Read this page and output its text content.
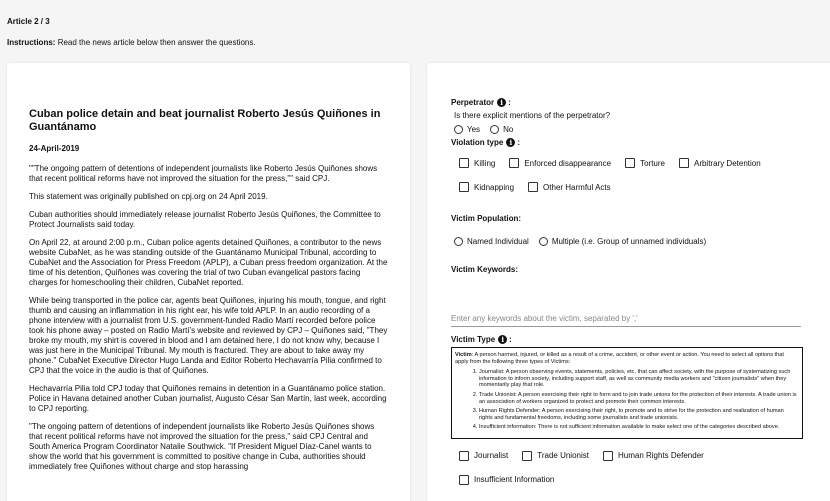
Article 2 / 3
Instructions: Read the news article below then answer the questions.
Cuban police detain and beat journalist Roberto Jesús Quiñones in Guantánamo
24-April-2019

""The ongoing pattern of detentions of independent journalists like Roberto Jesús Quiñones shows that recent political reforms have not improved the situation for the press,"" said CPJ.

This statement was originally published on cpj.org on 24 April 2019.

Cuban authorities should immediately release journalist Roberto Jesús Quiñones, the Committee to Protect Journalists said today.

On April 22, at around 2:00 p.m., Cuban police agents detained Quiñones, a contributor to the news website CubaNet, as he was standing outside of the Guantánamo Municipal Tribunal, according to CubaNet and the Association for Press Freedom (APLP), a Cuban press freedom organization. At the time of his detention, Quiñones was covering the trial of two Cuban evangelical pastors facing charges for homeschooling their children, CubaNet reported.

While being transported in the police car, agents beat Quiñones, injuring his mouth, tongue, and right thumb and causing an inflammation in his right ear, his wife told APLP. In an audio recording of a phone interview with a journalist from U.S. government-funded Radio Martí recorded before police took his phone away – posted on Radio Martí's website and reviewed by CPJ – Quiñones said, "They broke my mouth, my shirt is covered in blood and I am detained here, I do not know why, because I was just here in the Municipal Tribunal. My mouth is fractured. They are about to take away my phone." CubaNet Executive Director Hugo Landa and Editor Roberto Hechavarría Pilia confirmed to CPJ that the voice in the audio is that of Quiñones.

Hechavarría Pilia told CPJ today that Quiñones remains in detention in a Guantánamo police station. Police in Havana detained another Cuban journalist, Augusto César San Martín, last week, according to CPJ reporting.

"The ongoing pattern of detentions of independent journalists like Roberto Jesús Quiñones shows that recent political reforms have not improved the situation for the press," said CPJ Central and South America Program Coordinator Natalie Southwick. "If President Miguel Díaz-Canel wants to show the world that his government is committed to positive change in Cuba, authorities should immediately free Quiñones without charge and stop harassing

Perpetrator i :
Is there explicit mentions of the perpetrator?
Yes	No
Violation type i :
Killing	Enforced disappearance	Torture	Arbitrary Detention
Kidnapping	Other Harmful Acts
Victim Population:
Named Individual	Multiple (i.e. Group of unnamed individuals)
Victim Keywords:
Enter any keywords about the victim, separated by ','
Victim Type i :
Victim: A person harmed, injured, or killed as a result of a crime, accident, or other event or action. You need to select all options that apply from the following three types of Victims:
1. Journalist: A person observing events, statements, policies, etc. that can affect society, with the purpose of systematizing such information to inform society, including support staff, as well as community media workers and "citizen journalists" when they momentarily play that role.
2. Trade Unionist: A person exercising their right to form and to join trade unions for the protection of their interests. A trade union is an association of workers organized to protect and promote their common interests.
3. Human Rights Defender: A person exercising their right, to promote and to strive for the protection and realization of human rights and fundamental freedoms, including some journalists and trade unionists.
4. Insufficient information: There is not sufficient information available to make select one of the categories described above.
Journalist	Trade Unionist	Human Rights Defender
Insufficient Information
